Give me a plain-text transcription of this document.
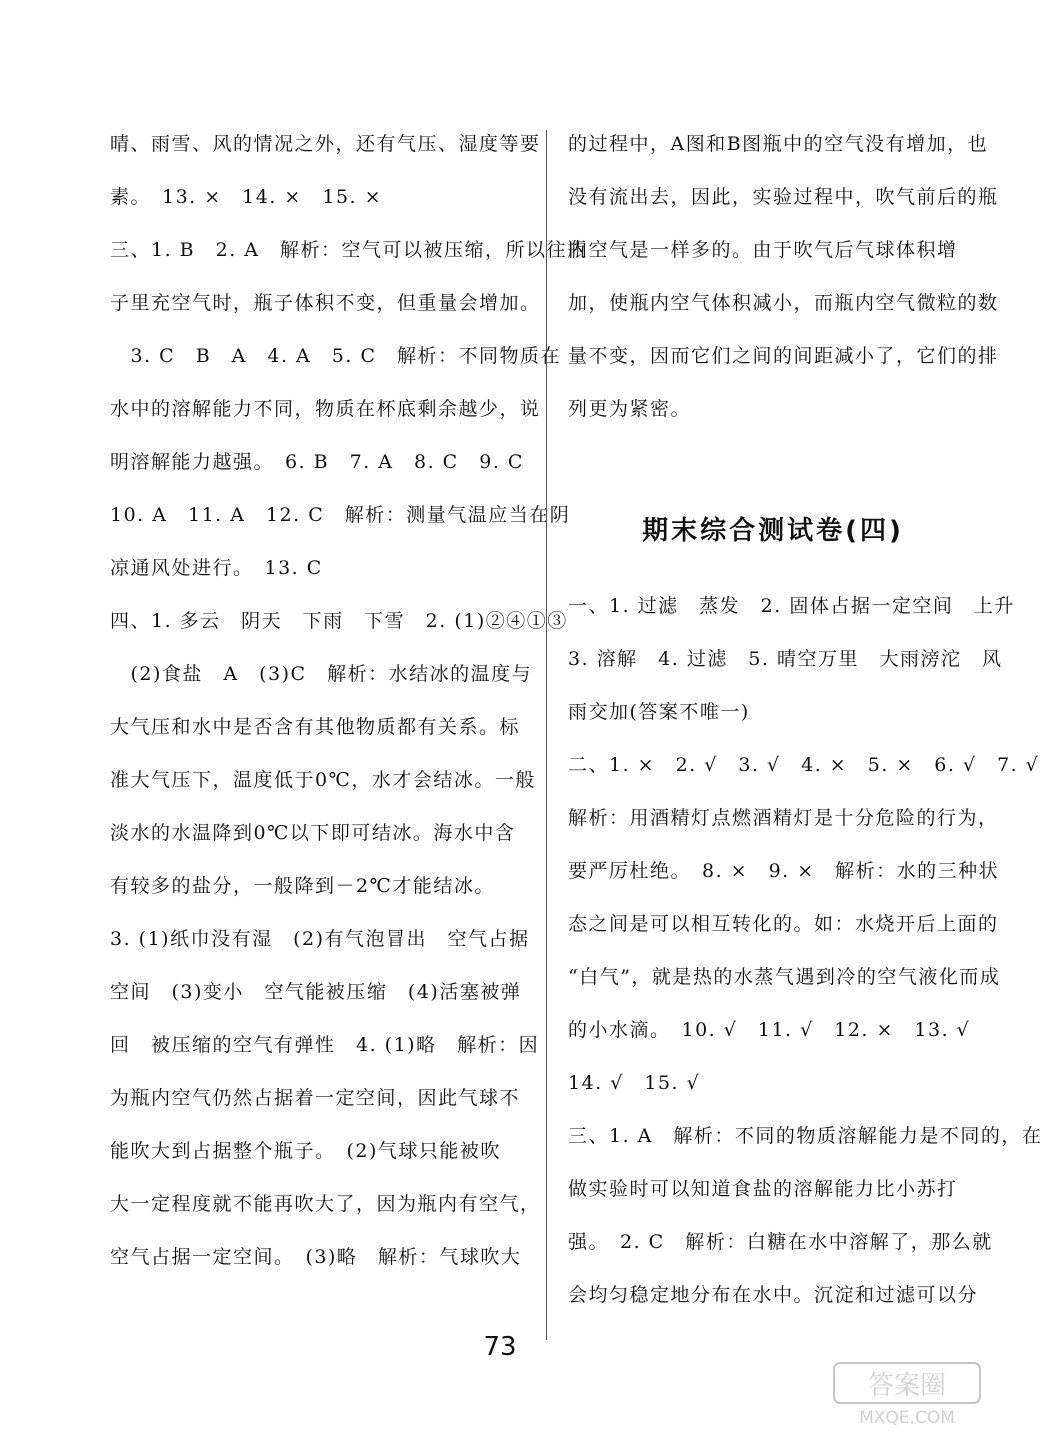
晴、雨雪、风的情况之外，还有气压、湿度等要
素。　13. ×　14. ×　15. ×
三、1. B　2. A　解析：空气可以被压缩，所以往瓶
子里充空气时，瓶子体积不变，但重量会增加。
　3. C　B　A　4. A　5. C　解析：不同物质在
水中的溶解能力不同，物质在杯底剩余越少，说
明溶解能力越强。　6. B　7. A　8. C　9. C
10. A　11. A　12. C　解析：测量气温应当在阴
凉通风处进行。　13. C
四、1. 多云　阴天　下雨　下雪　2. (1)②④①③
　(2)食盐　A　(3)C　解析：水结冰的温度与
大气压和水中是否含有其他物质都有关系。标
准大气压下，温度低于0℃，水才会结冰。一般
淡水的水温降到0℃以下即可结冰。海水中含
有较多的盐分，一般降到－2℃才能结冰。
3. (1)纸巾没有湿　(2)有气泡冒出　空气占据
空间　(3)变小　空气能被压缩　(4)活塞被弹
回　被压缩的空气有弹性　4. (1)略　解析：因
为瓶内空气仍然占据着一定空间，因此气球不
能吹大到占据整个瓶子。　(2)气球只能被吹
大一定程度就不能再吹大了，因为瓶内有空气，
空气占据一定空间。　(3)略　解析：气球吹大
的过程中，A图和B图瓶中的空气没有增加，也
没有流出去，因此，实验过程中，吹气前后的瓶
内空气是一样多的。由于吹气后气球体积增
加，使瓶内空气体积减小，而瓶内空气微粒的数
量不变，因而它们之间的间距减小了，它们的排
列更为紧密。
期末综合测试卷(四)
一、1. 过滤　蒸发　2. 固体占据一定空间　上升
3. 溶解　4. 过滤　5. 晴空万里　大雨滂沱　风
雨交加(答案不唯一)
二、1. ×　2. √　3. √　4. ×　5. ×　6. √　7. √
解析：用酒精灯点燃酒精灯是十分危险的行为，
要严厉杜绝。　8. ×　9. ×　解析：水的三种状
态之间是可以相互转化的。如：水烧开后上面的
“白气”，就是热的水蒸气遇到冷的空气液化而成
的小水滴。　10. √　11. √　12. ×　13. √
14. √　15. √
三、1. A　解析：不同的物质溶解能力是不同的，在
做实验时可以知道食盐的溶解能力比小苏打
强。　2. C　解析：白糖在水中溶解了，那么就
会均匀稳定地分布在水中。沉淀和过滤可以分
73
答案圈
MXQE.COM
